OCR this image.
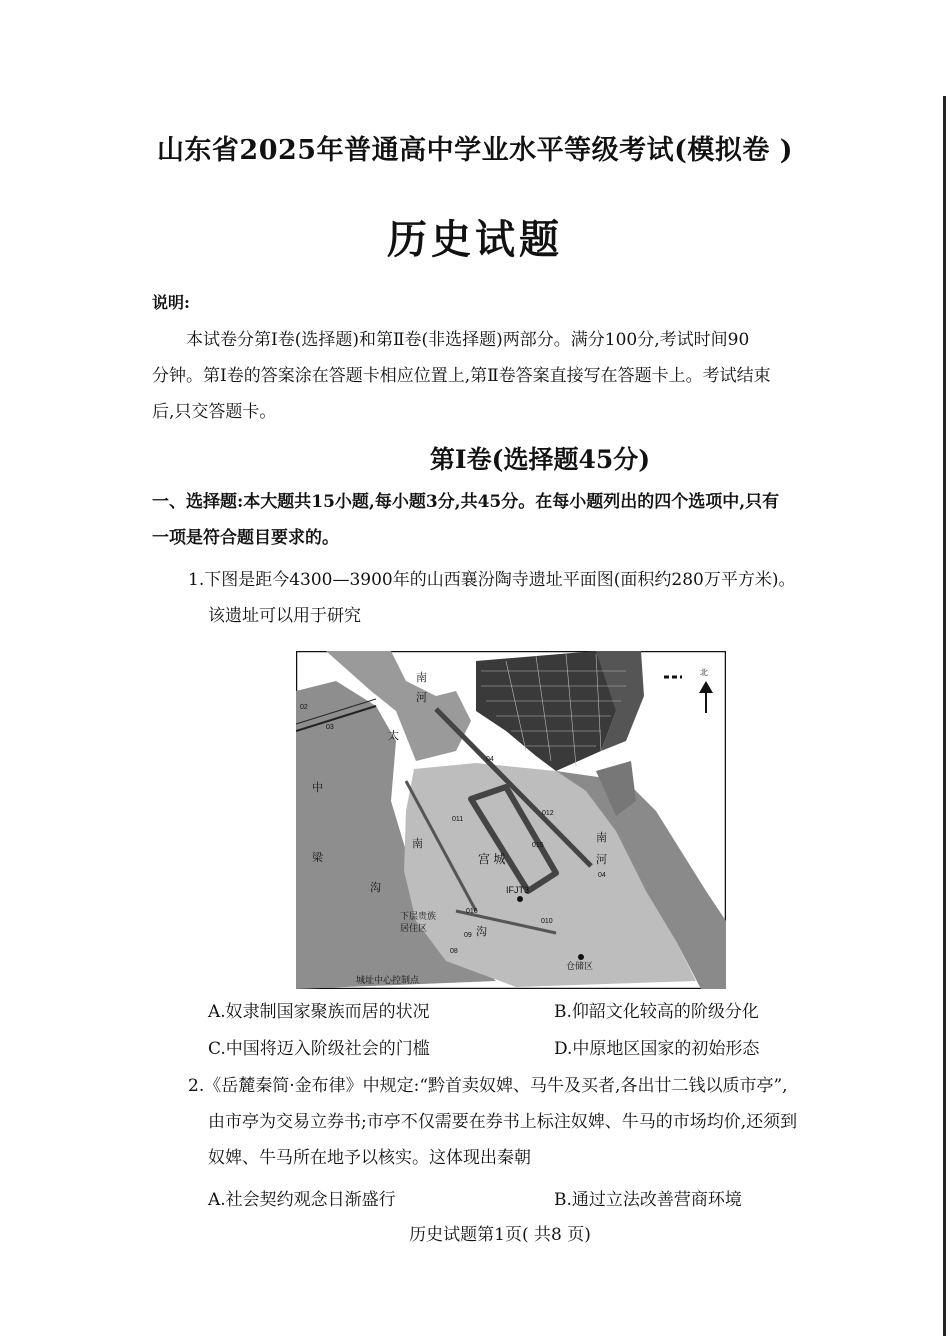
山东省2025年普通高中学业水平等级考试(模拟卷 )
历史试题
说明:
本试卷分第Ⅰ卷(选择题)和第Ⅱ卷(非选择题)两部分。满分100分,考试时间90
分钟。第Ⅰ卷的答案涂在答题卡相应位置上,第Ⅱ卷答案直接写在答题卡上。考试结束
后,只交答题卡。
第Ⅰ卷(选择题45分)
一、选择题:本大题共15小题,每小题3分,共45分。在每小题列出的四个选项中,只有
一项是符合题目要求的。
1.下图是距今4300—3900年的山西襄汾陶寺遗址平面图(面积约280万平方米)。
该遗址可以用于研究
南
河
太
中
梁
沟
南
沟
南
河
宫 城
IFJT3
下层贵族
居住区
仓储区
城址中心控制点
北
02
03
04
011
012
015
04
010
016
09
08
A.奴隶制国家聚族而居的状况	B.仰韶文化较高的阶级分化
C.中国将迈入阶级社会的门槛	D.中原地区国家的初始形态
2.《岳麓秦简·金布律》中规定:“黔首卖奴婢、马牛及买者,各出廿二钱以质市亭”,
由市亭为交易立券书;市亭不仅需要在券书上标注奴婢、牛马的市场均价,还须到
奴婢、牛马所在地予以核实。这体现出秦朝
A.社会契约观念日渐盛行	B.通过立法改善营商环境
历史试题第1页( 共8 页)
